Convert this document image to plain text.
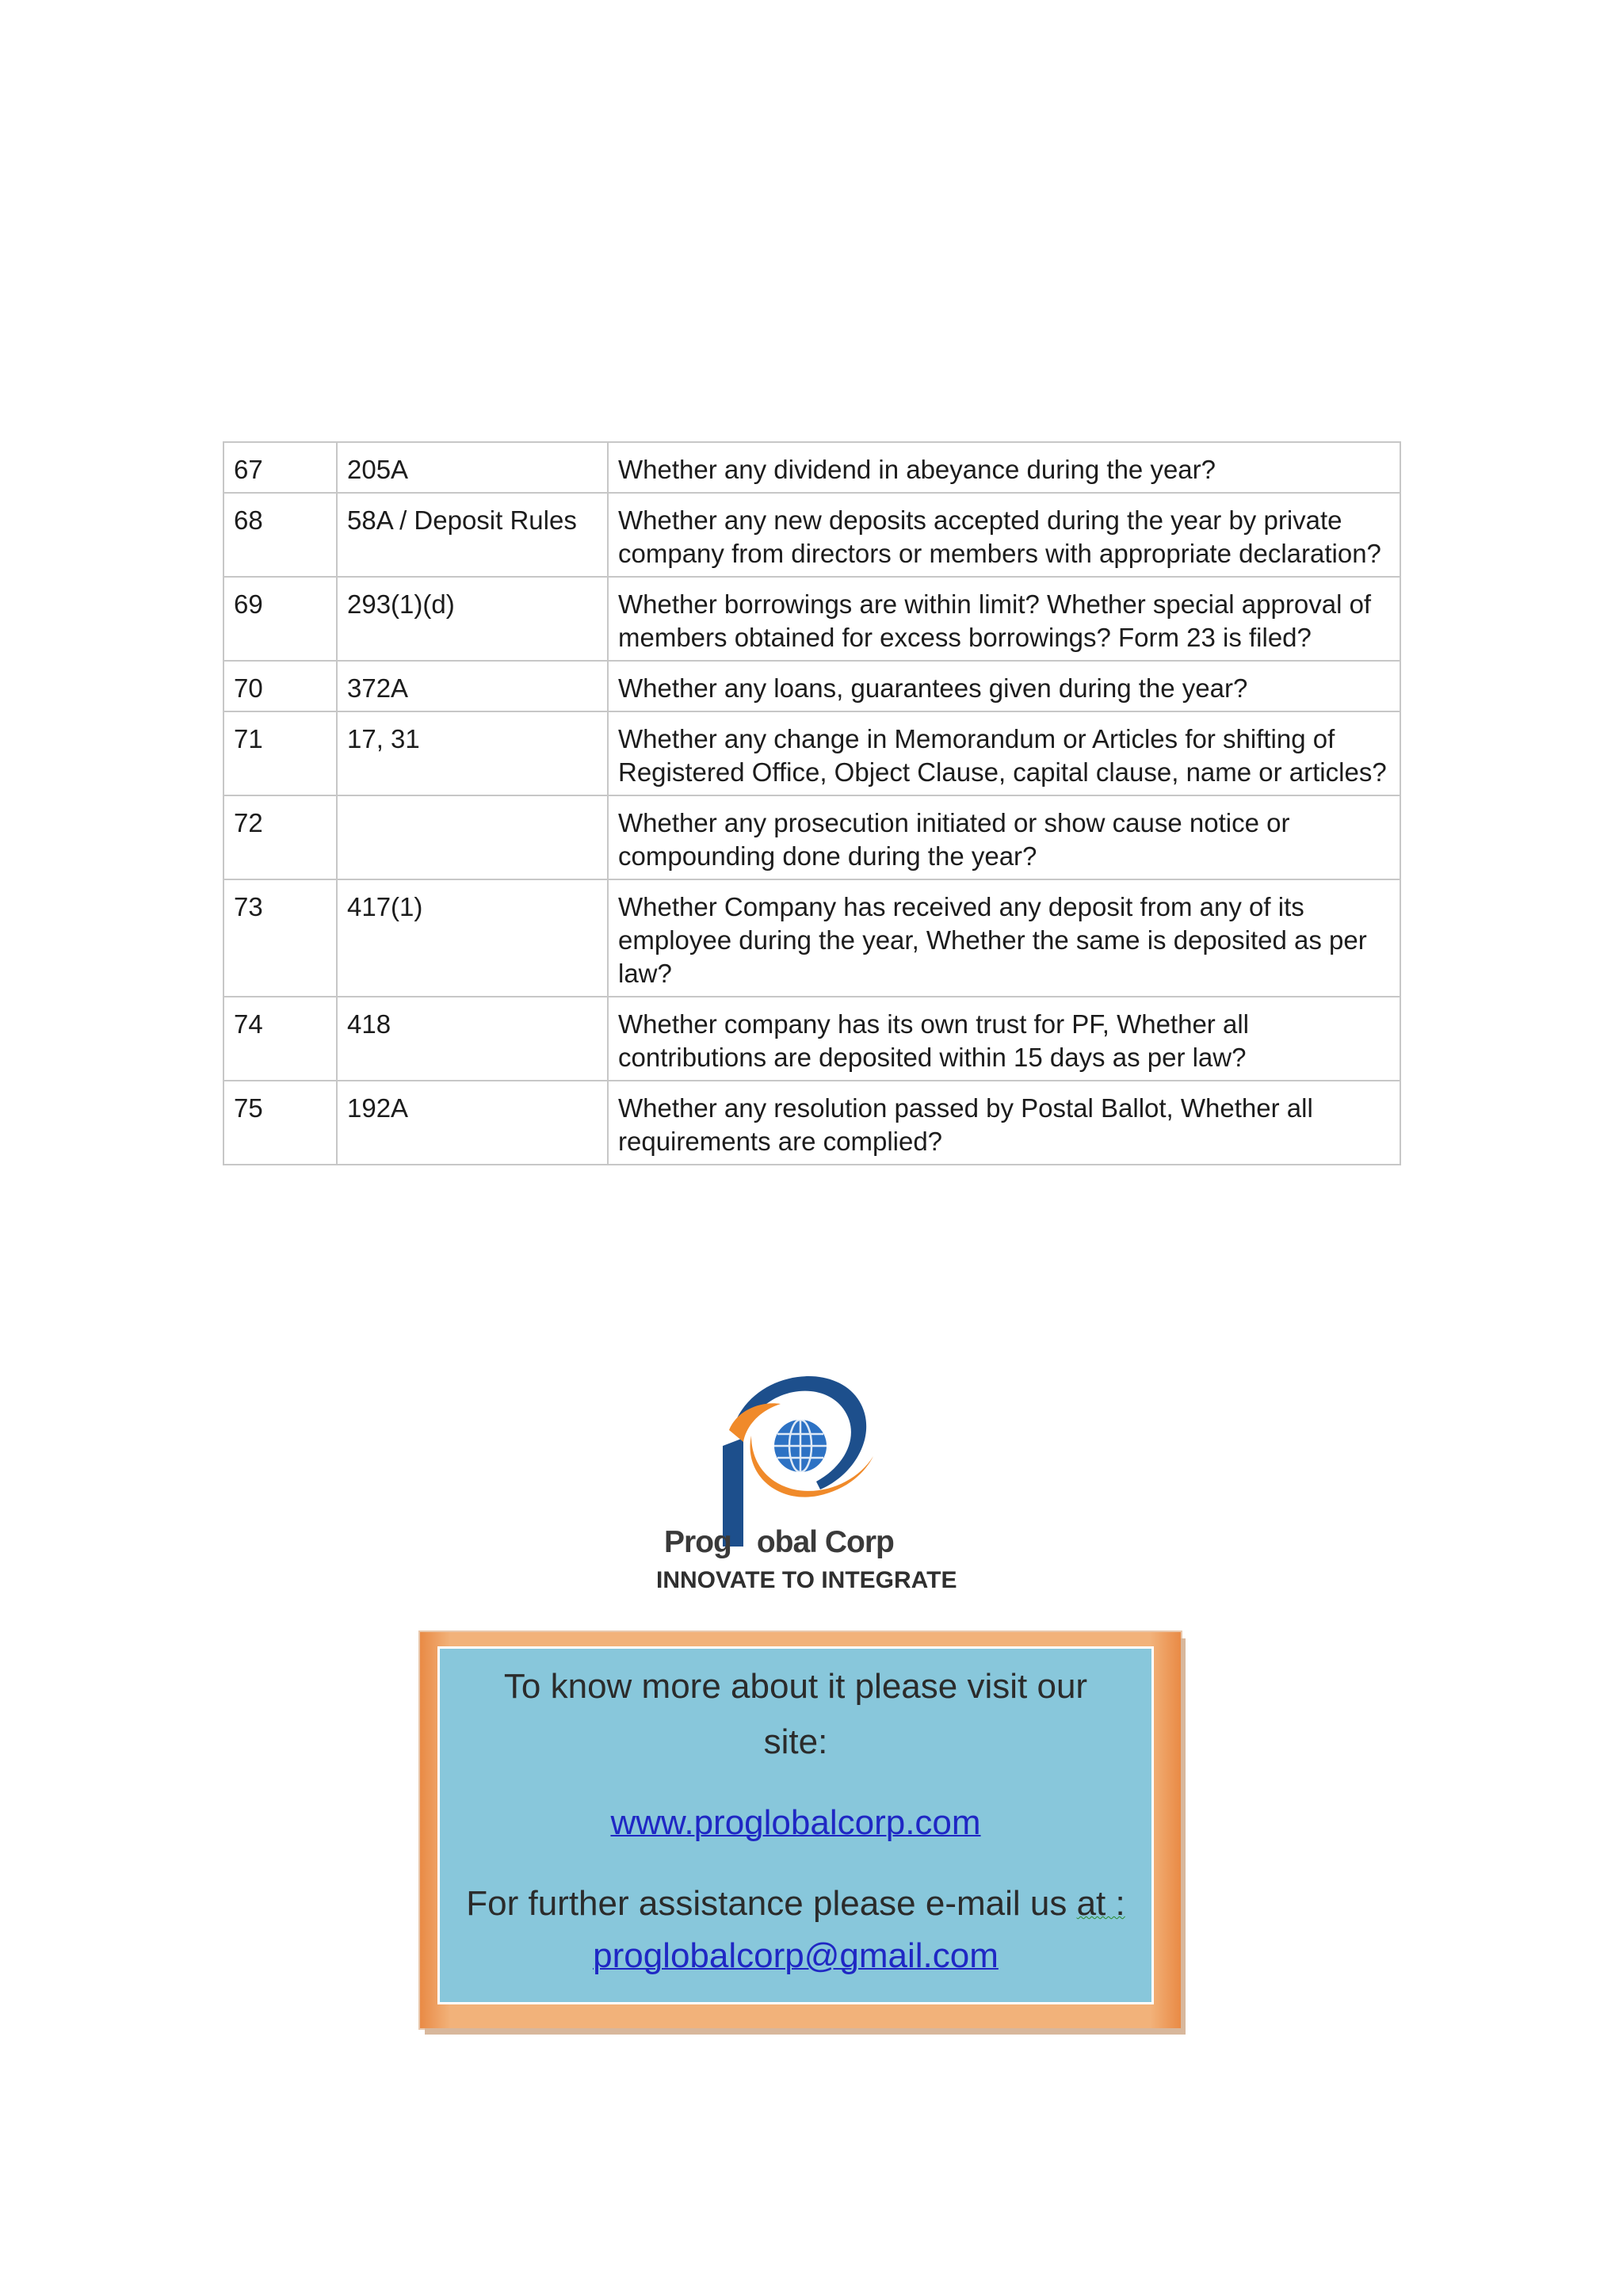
67	205A	Whether any dividend in abeyance during the year?
68	58A / Deposit Rules	Whether any new deposits accepted during the year by private company from directors or members with appropriate declaration?
69	293(1)(d)	Whether borrowings are within limit? Whether special approval of members obtained for excess borrowings? Form 23 is filed?
70	372A	Whether any loans, guarantees given during the year?
71	17, 31	Whether any change in Memorandum or Articles for shifting of Registered Office, Object Clause, capital clause, name or articles?
72		Whether any prosecution initiated or show cause notice or compounding done during the year?
73	417(1)	Whether Company has received any deposit from any of its employee during the year, Whether the same is deposited as per law?
74	418	Whether company has its own trust for PF, Whether all contributions are deposited within 15 days as per law?
75	192A	Whether any resolution passed by Postal Ballot, Whether all requirements are complied?
Prog obal Corp
INNOVATE TO INTEGRATE
To know more about it please visit our
site:
www.proglobalcorp.com
For further assistance please e-mail us at :
proglobalcorp@gmail.com
